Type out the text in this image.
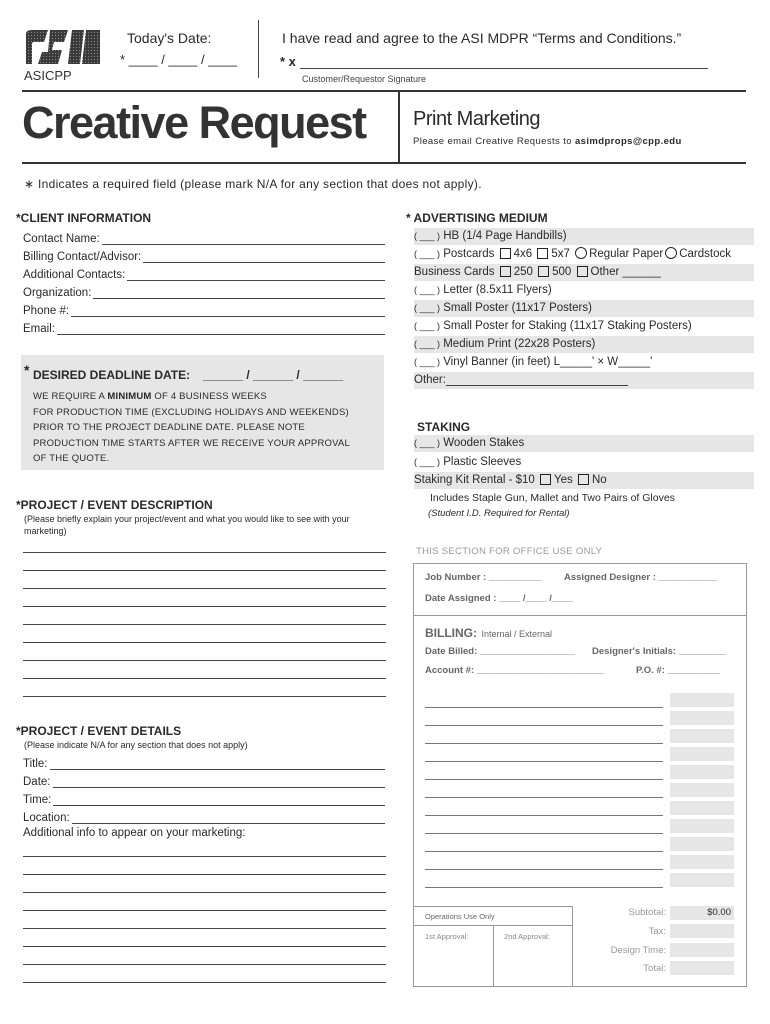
ASICPP
Today's Date:
* ____ / ____ / ____
I have read and agree to the ASI MDPR “Terms and Conditions.”
* x
Customer/Requestor Signature
Creative Request Print Marketing
Please email Creative Requests to asimdprops@cpp.edu
∗ Indicates a required field (please mark N/A for any section that does not apply).
*CLIENT INFORMATION
Contact Name:
Billing Contact/Advisor:
Additional Contacts:
Organization:
Phone #:
Email:
* DESIRED DEADLINE DATE: ______ / ______ / ______
WE REQUIRE A MINIMUM OF 4 BUSINESS WEEKS
FOR PRODUCTION TIME (EXCLUDING HOLIDAYS AND WEEKENDS)
PRIOR TO THE PROJECT DEADLINE DATE. PLEASE NOTE
PRODUCTION TIME STARTS AFTER WE RECEIVE YOUR APPROVAL
OF THE QUOTE.
*PROJECT / EVENT DESCRIPTION
(Please briefly explain your project/event and what you would like to see with your marketing)
*PROJECT / EVENT DETAILS
(Please indicate N/A for any section that does not apply)
Title:
Date:
Time:
Location:
Additional info to appear on your marketing:
* ADVERTISING MEDIUM
( ___ ) HB (1/4 Page Handbills)
( ___ ) Postcards 4x6 5x7 Regular Paper Cardstock
Business Cards 250 500 Other ______
( ___ ) Letter (8.5x11 Flyers)
( ___ ) Small Poster (11x17 Posters)
( ___ ) Small Poster for Staking (11x17 Staking Posters)
( ___ ) Medium Print (22x28 Posters)
( ___ ) Vinyl Banner (in feet) L_____' × W_____'
Other:
STAKING
( ___ ) Wooden Stakes
( ___ ) Plastic Sleeves
Staking Kit Rental - $10 Yes No
Includes Staple Gun, Mallet and Two Pairs of Gloves
(Student I.D. Required for Rental)
THIS SECTION FOR OFFICE USE ONLY
Job Number : __________ Assigned Designer : ___________
Date Assigned : ____ /____ /____
BILLING: Internal / External
Date Billed: __________________ Designer's Initials: _________
Account #: ________________________	P.O. #: __________
Operations Use Only
1st Approval:	2nd Approval:
Subtotal:	$0.00
Tax:
Design Time:
Total:
